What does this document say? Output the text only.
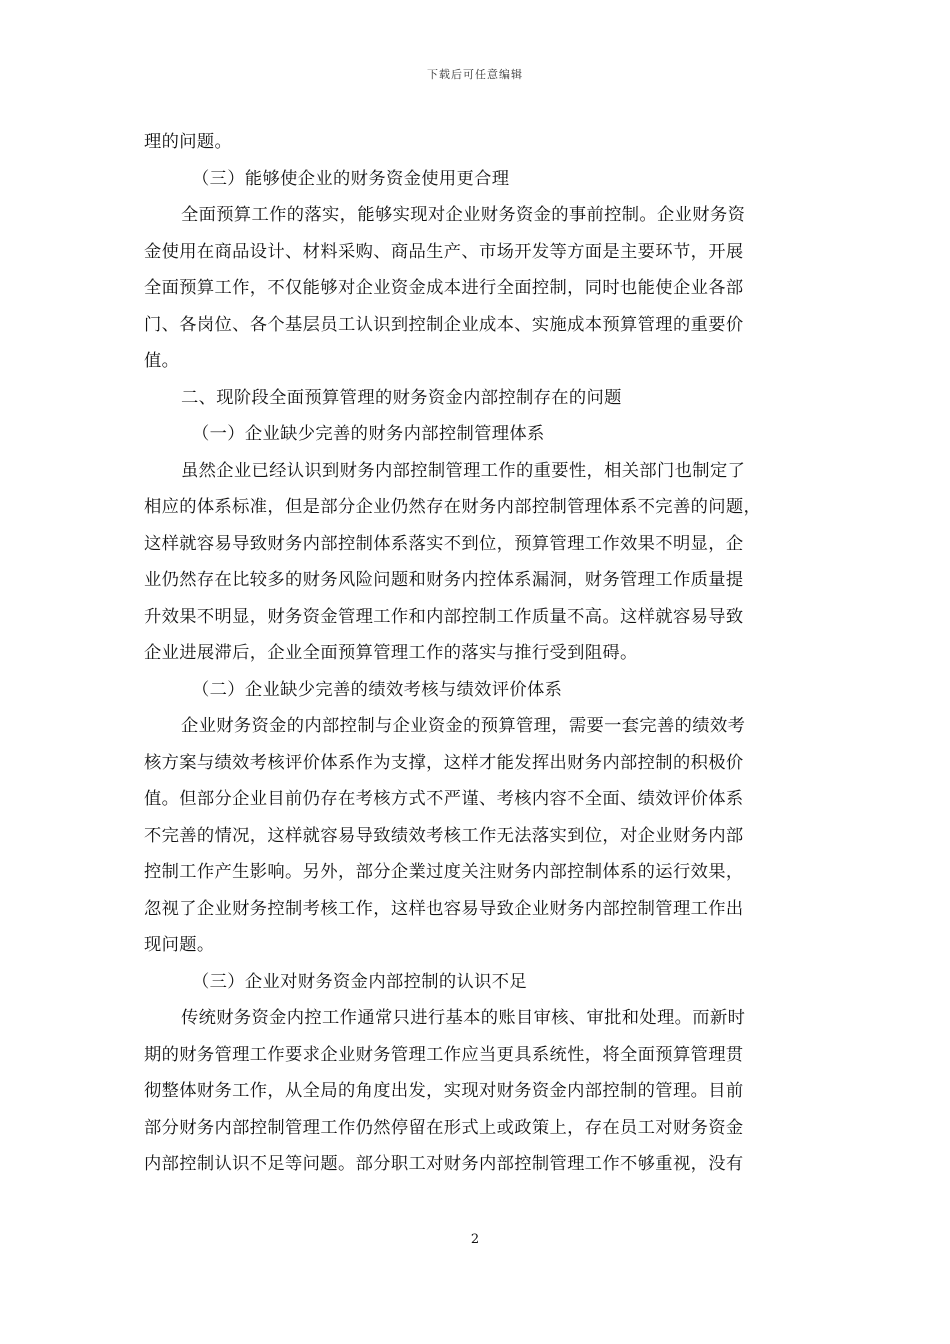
下载后可任意编辑
理的问题。
（三）能够使企业的财务资金使用更合理
全面预算工作的落实，能够实现对企业财务资金的事前控制。企业财务资
金使用在商品设计、材料采购、商品生产、市场开发等方面是主要环节，开展
全面预算工作，不仅能够对企业资金成本进行全面控制，同时也能使企业各部
门、各岗位、各个基层员工认识到控制企业成本、实施成本预算管理的重要价
值。
二、现阶段全面预算管理的财务资金内部控制存在的问题
（一）企业缺少完善的财务内部控制管理体系
虽然企业已经认识到财务内部控制管理工作的重要性，相关部门也制定了
相应的体系标准，但是部分企业仍然存在财务内部控制管理体系不完善的问题，
这样就容易导致财务内部控制体系落实不到位，预算管理工作效果不明显，企
业仍然存在比较多的财务风险问题和财务内控体系漏洞，财务管理工作质量提
升效果不明显，财务资金管理工作和内部控制工作质量不高。这样就容易导致
企业进展滞后，企业全面预算管理工作的落实与推行受到阻碍。
（二）企业缺少完善的绩效考核与绩效评价体系
企业财务资金的内部控制与企业资金的预算管理，需要一套完善的绩效考
核方案与绩效考核评价体系作为支撑，这样才能发挥出财务内部控制的积极价
值。但部分企业目前仍存在考核方式不严谨、考核内容不全面、绩效评价体系
不完善的情况，这样就容易导致绩效考核工作无法落实到位，对企业财务内部
控制工作产生影响。另外，部分企業过度关注财务内部控制体系的运行效果，
忽视了企业财务控制考核工作，这样也容易导致企业财务内部控制管理工作出
现问题。
（三）企业对财务资金内部控制的认识不足
传统财务资金内控工作通常只进行基本的账目审核、审批和处理。而新时
期的财务管理工作要求企业财务管理工作应当更具系统性，将全面预算管理贯
彻整体财务工作，从全局的角度出发，实现对财务资金内部控制的管理。目前
部分财务内部控制管理工作仍然停留在形式上或政策上，存在员工对财务资金
内部控制认识不足等问题。部分职工对财务内部控制管理工作不够重视，没有
2
